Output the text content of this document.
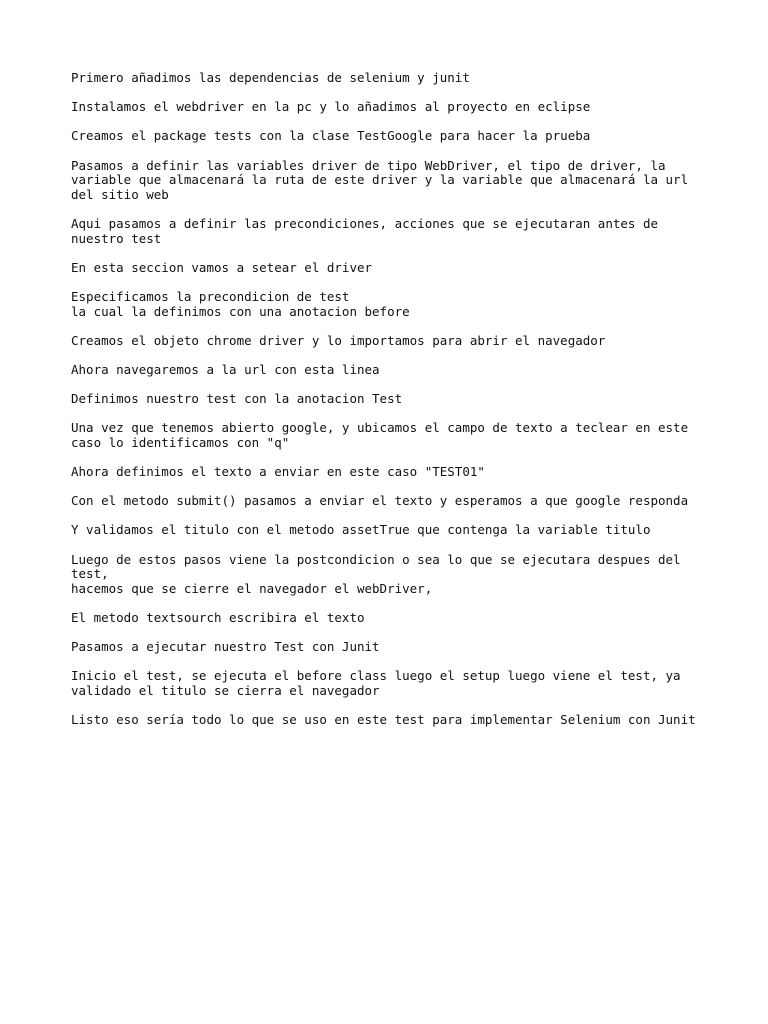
Primero añadimos las dependencias de selenium y junit

Instalamos el webdriver en la pc y lo añadimos al proyecto en eclipse

Creamos el package tests con la clase TestGoogle para hacer la prueba

Pasamos a definir las variables driver de tipo WebDriver, el tipo de driver, la
variable que almacenará la ruta de este driver y la variable que almacenará la url
del sitio web

Aqui pasamos a definir las precondiciones, acciones que se ejecutaran antes de
nuestro test

En esta seccion vamos a setear el driver

Especificamos la precondicion de test
la cual la definimos con una anotacion before

Creamos el objeto chrome driver y lo importamos para abrir el navegador

Ahora navegaremos a la url con esta linea

Definimos nuestro test con la anotacion Test

Una vez que tenemos abierto google, y ubicamos el campo de texto a teclear en este
caso lo identificamos con "q"

Ahora definimos el texto a enviar en este caso "TEST01"

Con el metodo submit() pasamos a enviar el texto y esperamos a que google responda

Y validamos el titulo con el metodo assetTrue que contenga la variable titulo

Luego de estos pasos viene la postcondicion o sea lo que se ejecutara despues del
test,
hacemos que se cierre el navegador el webDriver,

El metodo textsourch escribira el texto

Pasamos a ejecutar nuestro Test con Junit

Inicio el test, se ejecuta el before class luego el setup luego viene el test, ya
validado el titulo se cierra el navegador

Listo eso sería todo lo que se uso en este test para implementar Selenium con Junit
